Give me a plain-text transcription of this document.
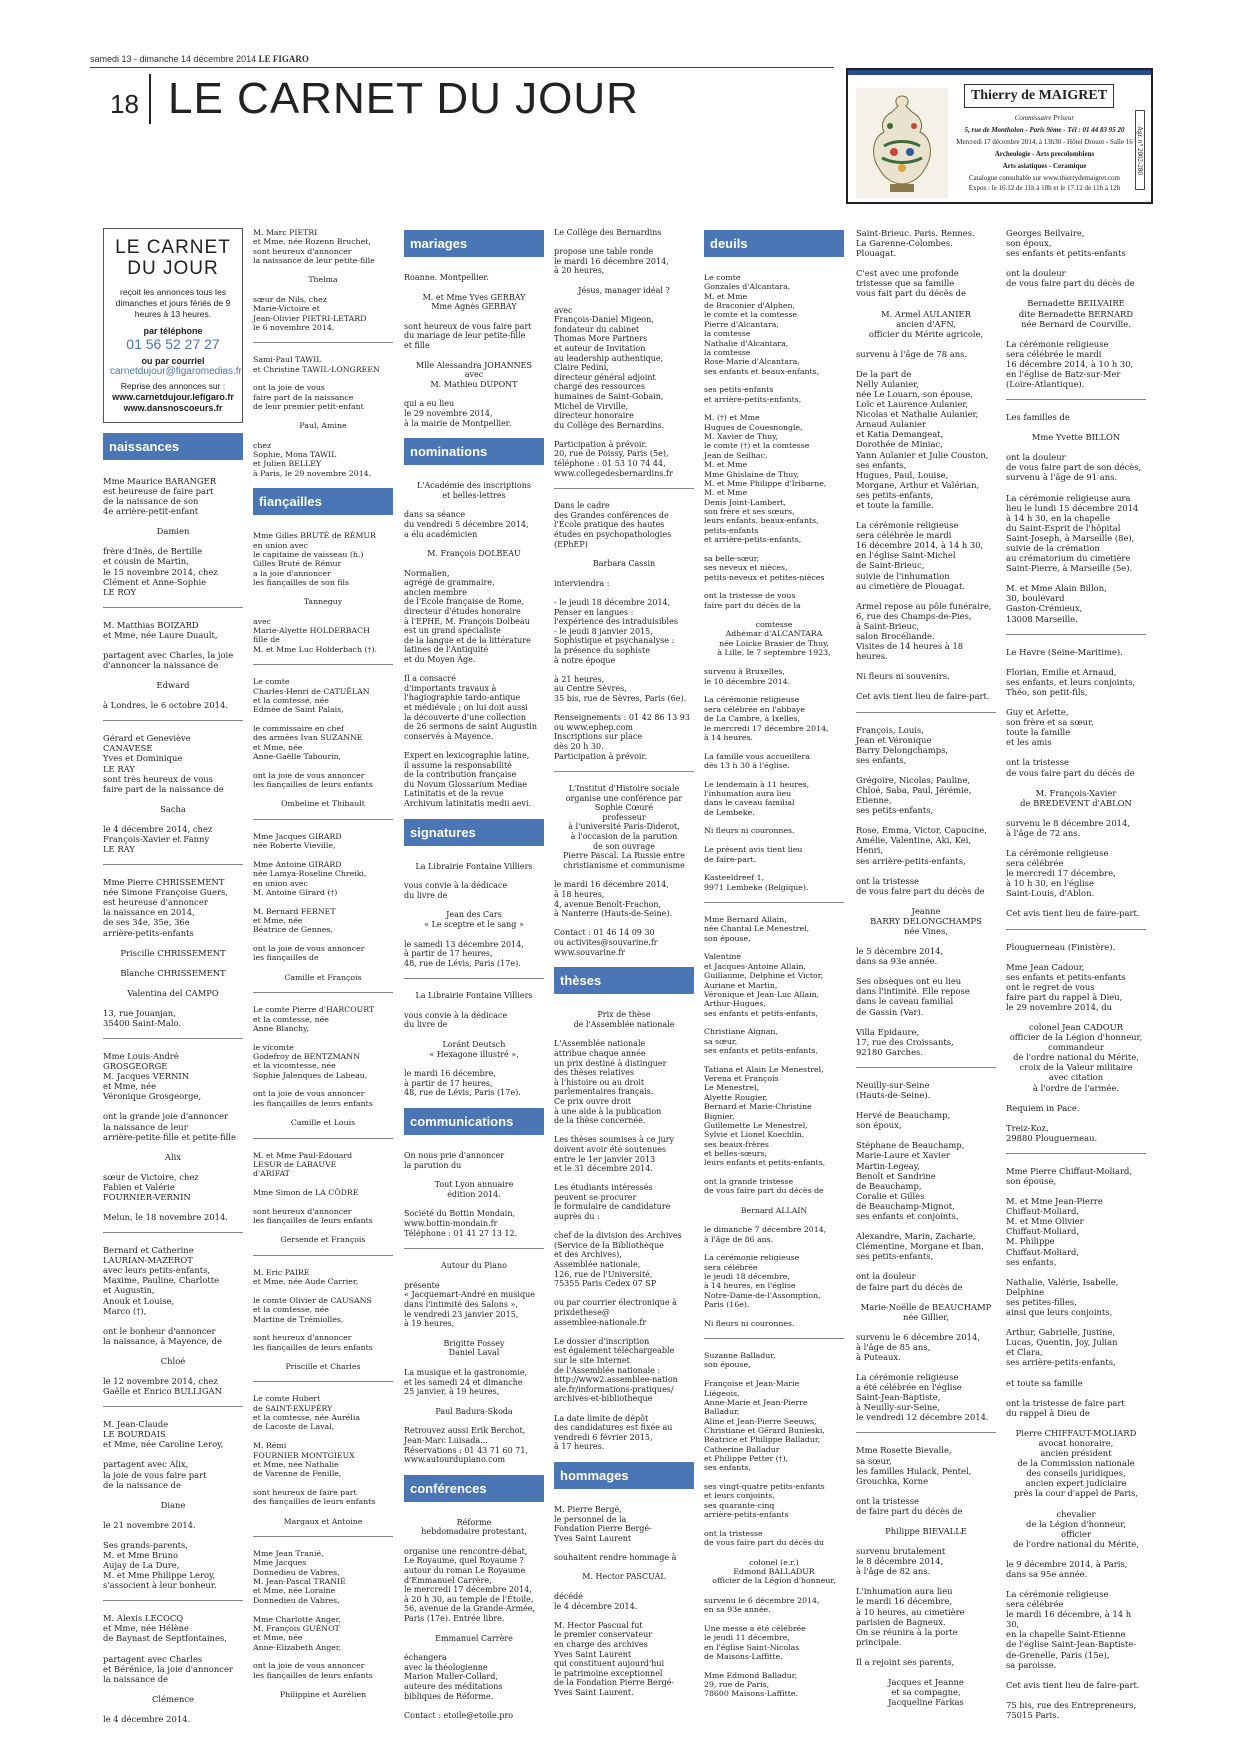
samedi 13 - dimanche 14 décembre 2014 LE FIGARO
18 LE CARNET DU JOUR	Thierry de MAIGRET
Commissaire Priseur
5, rue de Montholon - Paris 9ème - Tél : 01 44 83 95 20
Mercredi 17 décembre 2014, à 13h30 - Hôtel Drouot - Salle 16
Archeologie - Arts precolombiens
Arts asiatiques - Ceramique
Catalogue consultable sur www.thierrydemaigret.com
Expos : le 16.12 de 11h à 18h et le 17.12 de 11h à 12h
Agr. n° 2002-280
LE CARNET DU JOUR
reçoit les annonces tous les dimanches et jours fériés de 9 heures à 13 heures.
par téléphone
01 56 52 27 27
ou par courriel
carnetdujour@figaromedias.fr
Reprise des annonces sur :
www.carnetdujour.lefigaro.fr
www.dansnoscoeurs.fr
naissances

Mme Maurice BARANGER
est heureuse de faire part
de la naissance de son
4e arrière-petit-enfant

Damien

frère d'Inès, de Bertille
et cousin de Martin,
le 15 novembre 2014, chez
Clément et Anne-Sophie
LE ROY

M. Matthias BOIZARD
et Mme, née Laure Duault,

partagent avec Charles, la joie
d'annoncer la naissance de

Edward

à Londres, le 6 octobre 2014.

Gérard et Geneviève
CANAVESE
Yves et Dominique
LE RAY
sont très heureux de vous
faire part de la naissance de

Sacha

le 4 décembre 2014, chez
François-Xavier et Fanny
LE RAY

Mme Pierre CHRISSEMENT
née Simone Françoise Guers,
est heureuse d'annoncer
la naissance en 2014,
de ses 34e, 35e, 36e
arrière-petits-enfants

Priscille CHRISSEMENT

Blanche CHRISSEMENT

Valentina del CAMPO

13, rue Jouanjan,
35400 Saint-Malo.

Mme Louis-André
GROSGEORGE
M. Jacques VERNIN
et Mme, née
Véronique Grosgeorge,

ont la grande joie d'annoncer
la naissance de leur
arrière-petite-fille et petite-fille

Alix

sœur de Victoire, chez
Fabien et Valérie
FOURNIER-VERNIN

Melun, le 18 novembre 2014.

Bernard et Catherine
LAURIAN-MAZEROT
avec leurs petits-enfants,
Maxime, Pauline, Charlotte
et Augustin,
Anouk et Louise,
Marco (†),

ont le bonheur d'annoncer
la naissance, à Mayence, de

Chloé

le 12 novembre 2014, chez
Gaëlle et Enrico BULLIGAN

M. Jean-Claude
LE BOURDAIS
et Mme, née Caroline Leroy,

partagent avec Alix,
la joie de vous faire part
de la naissance de

Diane

le 21 novembre 2014.

Ses grands-parents,
M. et Mme Bruno
Aujay de La Dure,
M. et Mme Philippe Leroy,
s'associent à leur bonheur.

M. Alexis LECOCQ
et Mme, née Hélène
de Baynast de Septfontaines,

partagent avec Charles
et Bérénice, la joie d'annoncer
la naissance de

Clémence

le 4 décembre 2014.

M. Marc PIETRI
et Mme, née Rozenn Bruchet,
sont heureux d'annoncer
la naissance de leur petite-fille

Thelma

sœur de Nils, chez
Marie-Victoire et
Jean-Olivier PIETRI-LETARD
le 6 novembre 2014.

Sami-Paul TAWIL
et Christine TAWIL-LONGREEN

ont la joie de vous
faire part de la naissance
de leur premier petit-enfant

Paul, Amine

chez
Sophie, Mona TAWIL
et Julien BELLEY
à Paris, le 29 novembre 2014.

fiançailles

Mme Gilles BRUTÉ de RÉMUR
en union avec
le capitaine de vaisseau (h.)
Gilles Bruté de Rémur
a la joie d'annoncer
les fiançailles de son fils

Tanneguy

avec
Marie-Alyette HOLDERBACH
fille de
M. et Mme Luc Holderbach (†).

Le comte
Charles-Henri de CATUËLAN
et la comtesse, née
Edmée de Saint Palais,

le commissaire en chef
des armées Ivan SUZANNE
et Mme, née
Anne-Gaëlle Tabourin,

ont la joie de vous annoncer
les fiançailles de leurs enfants

Ombeline et Thibault

Mme Jacques GIRARD
née Roberte Vieville,

Mme Antoine GIRARD
née Lamya-Roseline Chreiki,
en union avec
M. Antoine Girard (†)

M. Bernard FERNET
et Mme, née
Béatrice de Gennes,

ont la joie de vous annoncer
les fiançailles de

Camille et François

Le comte Pierre d'HARCOURT
et la comtesse, née
Anne Blanchy,

le vicomte
Godefroy de BENTZMANN
et la vicomtesse, née
Sophie Jalenques de Labeau,

ont la joie de vous annoncer
les fiançailles de leurs enfants

Camille et Louis

M. et Mme Paul-Edouard
LESUR de LABAUVE
d'ARIFAT

Mme Simon de LA CÔDRE

sont heureux d'annoncer
les fiançailles de leurs enfants

Gersende et François

M. Eric PAIRE
et Mme, née Aude Carrier,

le comte Olivier de CAUSANS
et la comtesse, née
Martine de Trémiolles,

sont heureux d'annoncer
les fiançailles de leurs enfants

Priscille et Charles

Le comte Hubert
de SAINT-EXUPÉRY
et la comtesse, née Aurélia
de Lacoste de Laval,

M. Rémi
FOURNIER MONTGIEUX
et Mme, née Nathalie
de Varenne de Fenille,

sont heureux de faire part
des fiançailles de leurs enfants

Margaux et Antoine

Mme Jean Tranié,
Mme Jacques
Donnedieu de Vabres,
M. Jean-Pascal TRANIÉ
et Mme, née Loraine
Donnedieu de Vabres,

Mme Charlotte Anger,
M. François GUÉNOT
et Mme, née
Anne-Elizabeth Anger,

ont la joie de vous annoncer
les fiançailles de leurs enfants

Philippine et Aurélien

mariages

Roanne. Montpellier.

M. et Mme Yves GERBAY
Mme Agnès GERBAY

sont heureux de vous faire part
du mariage de leur petite-fille
et fille

Mlle Alessandra JOHANNES
avec
M. Mathieu DUPONT

qui a eu lieu
le 29 novembre 2014,
à la mairie de Montpellier.

nominations

L'Académie des inscriptions
et belles-lettres

dans sa séance
du vendredi 5 décembre 2014,
a élu académicien

M. François DOLBEAU

Normalien,
agrégé de grammaire,
ancien membre
de l'École française de Rome,
directeur d'études honoraire
à l'EPHE, M. François Dolbeau
est un grand spécialiste
de la langue et de la littérature
latines de l'Antiquité
et du Moyen Âge.

Il a consacré
d'importants travaux à
l'hagiographie tardo-antique
et médiévale ; on lui doit aussi
la découverte d'une collection
de 26 sermons de saint Augustin
conservés à Mayence.

Expert en lexicographie latine,
il assume la responsabilité
de la contribution française
du Novum Glossarium Mediae
Latinitatis et de la revue
Archivum latinitatis medii aevi.

signatures

La Librairie Fontaine Villiers

vous convie à la dédicace
du livre de

Jean des Cars
« Le sceptre et le sang »

le samedi 13 décembre 2014,
à partir de 17 heures,
48, rue de Lévis, Paris (17e).

La Librairie Fontaine Villiers

vous convie à la dédicace
du livre de

Loránt Deutsch
« Hexagone illustré »,

le mardi 16 décembre,
à partir de 17 heures,
48, rue de Lévis, Paris (17e).

communications

On nous prie d'annoncer
la parution du

Tout Lyon annuaire
édition 2014.

Société du Bottin Mondain,
www.bottin-mondain.fr
Téléphone : 01 41 27 13 12.

Autour du Piano

présente
« Jacquemart-André en musique
dans l'intimité des Salons »,
le vendredi 23 janvier 2015,
à 19 heures,

Brigitte Fossey
Daniel Laval

La musique et la gastronomie,
et les samedi 24 et dimanche
25 janvier, à 19 heures,

Paul Badura-Skoda

Retrouvez aussi Erik Berchot,
Jean-Marc Luisada...
Réservations : 01 43 71 60 71,
www.autourdupiano.com

conférences

Réforme
hebdomadaire protestant,

organise une rencontre-débat,
Le Royaume, quel Royaume ?
autour du roman Le Royaume
d'Emmanuel Carrère,
le mercredi 17 décembre 2014,
à 20 h 30, au temple de l'Étoile,
56, avenue de la Grande-Armée,
Paris (17e). Entrée libre.

Emmanuel Carrère

échangera
avec la théologienne
Marion Muller-Collard,
auteure des méditations
bibliques de Réforme.

Contact : etoile@etoile.pro

Le Collège des Bernardins

propose une table ronde
le mardi 16 décembre 2014,
à 20 heures,

Jésus, manager idéal ?

avec
François-Daniel Migeon,
fondateur du cabinet
Thomas More Partners
et auteur de Invitation
au leadership authentique,
Claire Pedini,
directeur général adjoint
chargé des ressources
humaines de Saint-Gobain,
Michel de Virville,
directeur honoraire
du Collège des Bernardins.

Participation à prévoir.
20, rue de Poissy, Paris (5e),
téléphone : 01 53 10 74 44,
www.collegedesbernardins.fr

Dans le cadre
des Grandes conférences de
l'École pratique des hautes
études en psychopathologies
(EPhEP)

Barbara Cassin

interviendra :

- le jeudi 18 décembre 2014,
Penser en langues :
l'expérience des intraduisibles
- le jeudi 8 janvier 2015,
Sophistique et psychanalyse :
la présence du sophiste
à notre époque

à 21 heures,
au Centre Sèvres,
35 bis, rue de Sèvres, Paris (6e).

Renseignements : 01 42 86 13 93
ou www.ephep.com
Inscriptions sur place
dès 20 h 30.
Participation à prévoir.

L'Institut d'Histoire sociale
organise une conférence par
Sophie Cœuré
professeur
à l'université Paris-Diderot,
à l'occasion de la parution
de son ouvrage
Pierre Pascal. La Russie entre
christianisme et communisme

le mardi 16 décembre 2014,
à 18 heures,
4, avenue Benoît-Frachon,
à Nanterre (Hauts-de-Seine).

Contact : 01 46 14 09 30
ou activites@souvarine.fr
www.souvarine.fr

thèses

Prix de thèse
de l'Assemblée nationale

L'Assemblée nationale
attribue chaque année
un prix destiné à distinguer
des thèses relatives
à l'histoire ou au droit
parlementaires français.
Ce prix ouvre droit
à une aide à la publication
de la thèse concernée.

Les thèses soumises à ce jury
doivent avoir été soutenues
entre le 1er janvier 2013
et le 31 décembre 2014.

Les étudiants intéressés
peuvent se procurer
le formulaire de candidature
auprès du :

chef de la division des Archives
(Service de la Bibliothèque
et des Archives),
Assemblée nationale,
126, rue de l'Université,
75355 Paris Cedex 07 SP

ou par courrier électronique à
prixdethese@
assemblee-nationale.fr

Le dossier d'inscription
est également téléchargeable
sur le site Internet
de l'Assemblée nationale :
http://www2.assemblee-nation
ale.fr/informations-pratiques/
archives-et-bibliotheque

La date limite de dépôt
des candidatures est fixée au
vendredi 6 février 2015,
à 17 heures.

hommages

M. Pierre Bergé,
le personnel de la
Fondation Pierre Bergé-
Yves Saint Laurent

souhaitent rendre hommage à

M. Hector PASCUAL

décédé
le 4 décembre 2014.

M. Hector Pascual fut
le premier conservateur
en charge des archives
Yves Saint Laurent
qui constituent aujourd'hui
le patrimoine exceptionnel
de la Fondation Pierre Bergé-
Yves Saint Laurent.

deuils

Le comte
Gonzales d'Alcantara,
M. et Mme
de Braconier d'Alphen,
le comte et la comtesse
Pierre d'Alcantara,
la comtesse
Nathalie d'Alcantara,
la comtesse
Rose-Marie d'Alcantara,
ses enfants et beaux-enfants,

ses petits-enfants
et arrière-petits-enfants,

M. (†) et Mme
Hugues de Couesnongle,
M. Xavier de Thuy,
le comte (†) et la comtesse
Jean de Seilhac,
M. et Mme
Mme Ghislaine de Thuy,
M. et Mme Philippe d'Iribarne,
M. et Mme
Denis Joint-Lambert,
son frère et ses sœurs,
leurs enfants, beaux-enfants,
petits-enfants
et arrière-petits-enfants,

sa belle-sœur,
ses neveux et nièces,
petits-neveux et petites-nièces

ont la tristesse de vous
faire part du décès de la

comtesse
Adhémar d'ALCANTARA
née Loicke Brasier de Thuy,
à Lille, le 7 septembre 1923,

survenu à Bruxelles,
le 10 décembre 2014.

La cérémonie religieuse
sera célébrée en l'abbaye
de La Cambre, à Ixelles,
le mercredi 17 décembre 2014,
à 14 heures.

La famille vous accueillera
dès 13 h 30 à l'église.

Le lendemain à 11 heures,
l'inhumation aura lieu
dans le caveau familial
de Lembeke.

Ni fleurs ni couronnes.

Le présent avis tient lieu
de faire-part.

Kasteeldreef 1,
9971 Lembeke (Belgique).

Mme Bernard Allain,
née Chantal Le Menestrel,
son épouse,

Valentine
et Jacques-Antoine Allain,
Guillaume, Delphine et Victor,
Auriane et Martin,
Véronique et Jean-Luc Allain,
Arthur-Hugues,
ses enfants et petits-enfants,

Christiane Aignan,
sa sœur,
ses enfants et petits-enfants,

Tatiana et Alain Le Menestrel,
Verena et François
Le Menestrel,
Alyette Rougier,
Bernard et Marie-Christine
Bignier,
Guillemette Le Menestrel,
Sylvie et Lionel Koechlin,
ses beaux-frères
et belles-sœurs,
leurs enfants et petits-enfants,

ont la grande tristesse
de vous faire part du décès de

Bernard ALLAIN

le dimanche 7 décembre 2014,
à l'âge de 86 ans.

La cérémonie religieuse
sera célébrée
le jeudi 18 décembre,
à 14 heures, en l'église
Notre-Dame-de-l'Assomption,
Paris (16e).

Ni fleurs ni couronnes.

Suzanne Balladur,
son épouse,

Françoise et Jean-Marie
Liégeois,
Anne-Marie et Jean-Pierre
Balladur,
Aline et Jean-Pierre Seeuws,
Christiane et Gérard Bunieski,
Béatrice et Philippe Balladur,
Catherine Balladur
et Philippe Petter (†),
ses enfants,

ses vingt-quatre petits-enfants
et leurs conjoints,
ses quarante-cinq
arrière-petits-enfants

ont la tristesse
de vous faire part du décès du

colonel (e.r.)
Edmond BALLADUR
officier de la Légion d'honneur,

survenu le 6 décembre 2014,
en sa 93e année.

Une messe a été célébrée
le jeudi 11 décembre,
en l'église Saint-Nicolas
de Maisons-Laffitte.

Mme Edmond Balladur,
29, rue de Paris,
78600 Maisons-Laffitte.

Saint-Brieuc. Paris. Rennes.
La Garenne-Colombes.
Plouagat.

C'est avec une profonde
tristesse que sa famille
vous fait part du décès de

M. Armel AULANIER
ancien d'AFN,
officier du Mérite agricole,

survenu à l'âge de 78 ans.

De la part de
Nelly Aulanier,
née Le Louarn, son épouse,
Loïc et Laurence Aulanier,
Nicolas et Nathalie Aulanier,
Arnaud Aulanier
et Katia Demangeat,
Dorothée de Miniac,
Yann Aulanier et Julie Couston,
ses enfants,
Hugues, Paul, Louise,
Morgane, Arthur et Valérian,
ses petits-enfants,
et toute la famille.

La cérémonie religieuse
sera célébrée le mardi
16 décembre 2014, à 14 h 30,
en l'église Saint-Michel
de Saint-Brieuc,
suivie de l'inhumation
au cimetière de Plouagat.

Armel repose au pôle funéraire,
6, rue des Champs-de-Pies,
à Saint-Brieuc,
salon Brocéliande.
Visites de 14 heures à 18 heures.

Ni fleurs ni souvenirs.

Cet avis tient lieu de faire-part.

François, Louis,
Jean et Véronique
Barry Delongchamps,
ses enfants,

Grégoire, Nicolas, Pauline,
Chloé, Saba, Paul, Jérémie,
Etienne,
ses petits-enfants,

Rose, Emma, Victor, Capucine,
Amélie, Valentine, Aki, Kei,
Henri,
ses arrière-petits-enfants,

ont la tristesse
de vous faire part du décès de

Jeanne
BARRY DELONGCHAMPS
née Vines,

le 5 décembre 2014,
dans sa 93e année.

Ses obsèques ont eu lieu
dans l'intimité. Elle repose
dans le caveau familial
de Gassin (Var).

Villa Epidaure,
17, rue des Croissants,
92180 Garches.

Neuilly-sur-Seine
(Hauts-de-Seine).

Hervé de Beauchamp,
son époux,

Stéphane de Beauchamp,
Marie-Laure et Xavier
Martin-Legeay,
Benoît et Sandrine
de Beauchamp,
Coralie et Gilles
de Beauchamp-Mignot,
ses enfants et conjoints,

Alexandre, Marin, Zacharie,
Clémentine, Morgane et Iban,
ses petits-enfants,

ont la douleur
de faire part du décès de

Marie-Noëlle de BEAUCHAMP
née Gillier,

survenu le 6 décembre 2014,
à l'âge de 85 ans,
à Puteaux.

La cérémonie religieuse
a été célébrée en l'église
Saint-Jean-Baptiste,
à Neuilly-sur-Seine,
le vendredi 12 décembre 2014.

Mme Rosette Bievalle,
sa sœur,
les familles Hulack, Pentel,
Grouchka, Korne

ont la tristesse
de faire part du décès de

Philippe BIEVALLE

survenu brutalement
le 8 décembre 2014,
à l'âge de 82 ans.

L'inhumation aura lieu
le mardi 16 décembre,
à 10 heures, au cimetière
parisien de Bagneux.
On se réunira à la porte
principale.

Il a rejoint ses parents,

Jacques et Jeanne
et sa compagne,
Jacqueline Farkas

Georges Beilvaire,
son époux,
ses enfants et petits-enfants

ont la douleur
de vous faire part du décès de

Bernadette BEILVAIRE
dite Bernadette BERNARD
née Bernard de Courville.

La cérémonie religieuse
sera célébrée le mardi
16 décembre 2014, à 10 h 30,
en l'église de Batz-sur-Mer
(Loire-Atlantique).

Les familles de

Mme Yvette BILLON

ont la douleur
de vous faire part de son décès,
survenu à l'âge de 91 ans.

La cérémonie religieuse aura
lieu le lundi 15 décembre 2014
à 14 h 30, en la chapelle
du Saint-Esprit de l'hôpital
Saint-Joseph, à Marseille (8e),
suivie de la crémation
au crématorium du cimetière
Saint-Pierre, à Marseille (5e).

M. et Mme Alain Billon,
30, boulevard
Gaston-Crémieux,
13008 Marseille.

Le Havre (Seine-Maritime).

Florian, Emilie et Arnaud,
ses enfants, et leurs conjoints,
Théo, son petit-fils,

Guy et Arlette,
son frère et sa sœur,
toute la famille
et les amis

ont la tristesse
de vous faire part du décès de

M. François-Xavier
de BREDEVENT d'ABLON

survenu le 8 décembre 2014,
à l'âge de 72 ans.

La cérémonie religieuse
sera célébrée
le mercredi 17 décembre,
à 10 h 30, en l'église
Saint-Louis, d'Ablon.

Cet avis tient lieu de faire-part.

Plouguerneau (Finistère).

Mme Jean Cadour,
ses enfants et petits-enfants
ont le regret de vous
faire part du rappel à Dieu,
le 29 novembre 2014, du

colonel Jean CADOUR
officier de la Légion d'honneur,
commandeur
de l'ordre national du Mérite,
croix de la Valeur militaire
avec citation
à l'ordre de l'armée.

Requiem in Pace.

Treiz-Koz,
29880 Plouguerneau.

Mme Pierre Chiffaut-Moliard,
son épouse,

M. et Mme Jean-Pierre
Chiffaut-Moliard,
M. et Mme Olivier
Chiffaut-Moliard,
M. Philippe
Chiffaut-Moliard,
ses enfants,

Nathalie, Valérie, Isabelle,
Delphine
ses petites-filles,
ainsi que leurs conjoints,

Arthur, Gabrielle, Justine,
Lucas, Quentin, Joy, Julian
et Clara,
ses arrière-petits-enfants,

et toute sa famille

ont la tristesse de faire part
du rappel à Dieu de

Pierre CHIFFAUT-MOLIARD
avocat honoraire,
ancien président
de la Commission nationale
des conseils juridiques,
ancien expert judiciaire
près la cour d'appel de Paris,

chevalier
de la Légion d'honneur,
officier
de l'ordre national du Mérite,

le 9 décembre 2014, à Paris,
dans sa 95e année.

La cérémonie religieuse
sera célébrée
le mardi 16 décembre, à 14 h 30,
en la chapelle Saint-Etienne
de l'église Saint-Jean-Baptiste-
de-Grenelle, Paris (15e),
sa paroisse.

Cet avis tient lieu de faire-part.

75 bis, rue des Entrepreneurs,
75015 Paris.
